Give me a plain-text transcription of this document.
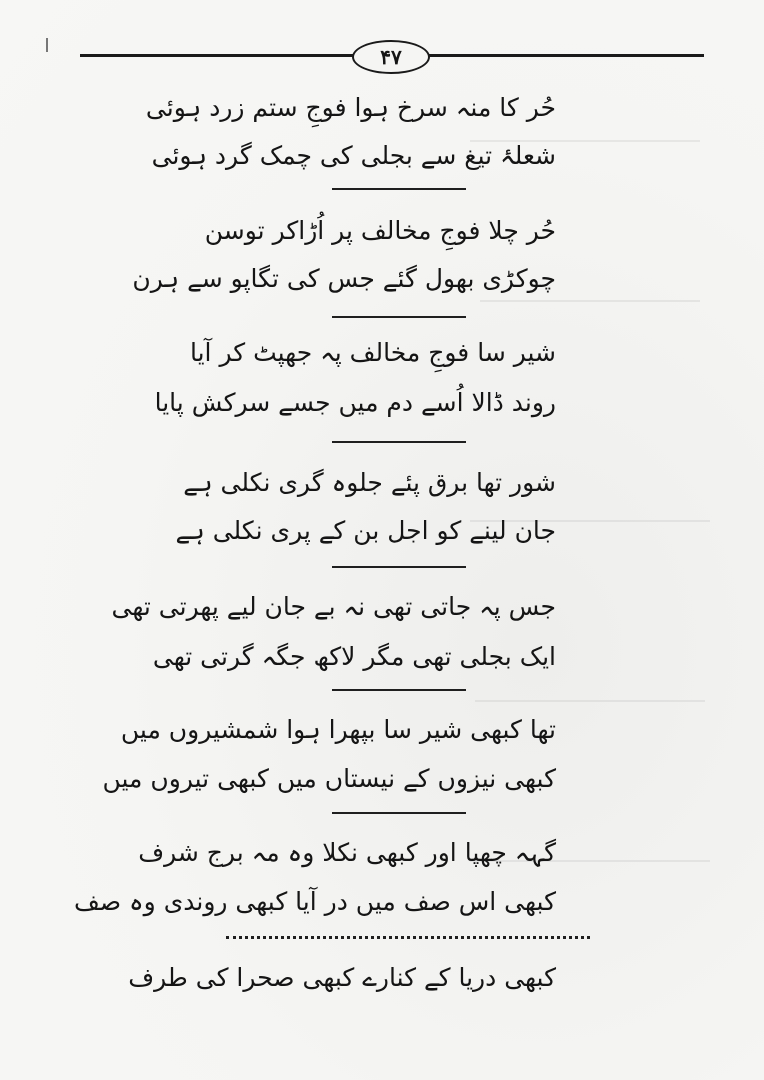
۴۷
حُر کا منہ سرخ ہوا فوجِ ستم زرد ہوئی
شعلۂ تیغ سے بجلی کی چمک گرد ہوئی
حُر چلا فوجِ مخالف پر اُڑاکر توسن
چوکڑی بھول گئے جس کی تگاپو سے ہرن
شیر سا فوجِ مخالف پہ جھپٹ کر آیا
روند ڈالا اُسے دم میں جسے سرکش پایا
شور تھا برق پئے جلوہ گری نکلی ہے
جان لینے کو اجل بن کے پری نکلی ہے
جس پہ جاتی تھی نہ بے جان لیے پھرتی تھی
ایک بجلی تھی مگر لاکھ جگہ گرتی تھی
تھا کبھی شیر سا بپھرا ہوا شمشیروں میں
کبھی نیزوں کے نیستاں میں کبھی تیروں میں
گہہ چھپا اور کبھی نکلا وہ مہ برج شرف
کبھی اس صف میں در آیا کبھی روندی وہ صف
کبھی دریا کے کنارے کبھی صحرا کی طرف
